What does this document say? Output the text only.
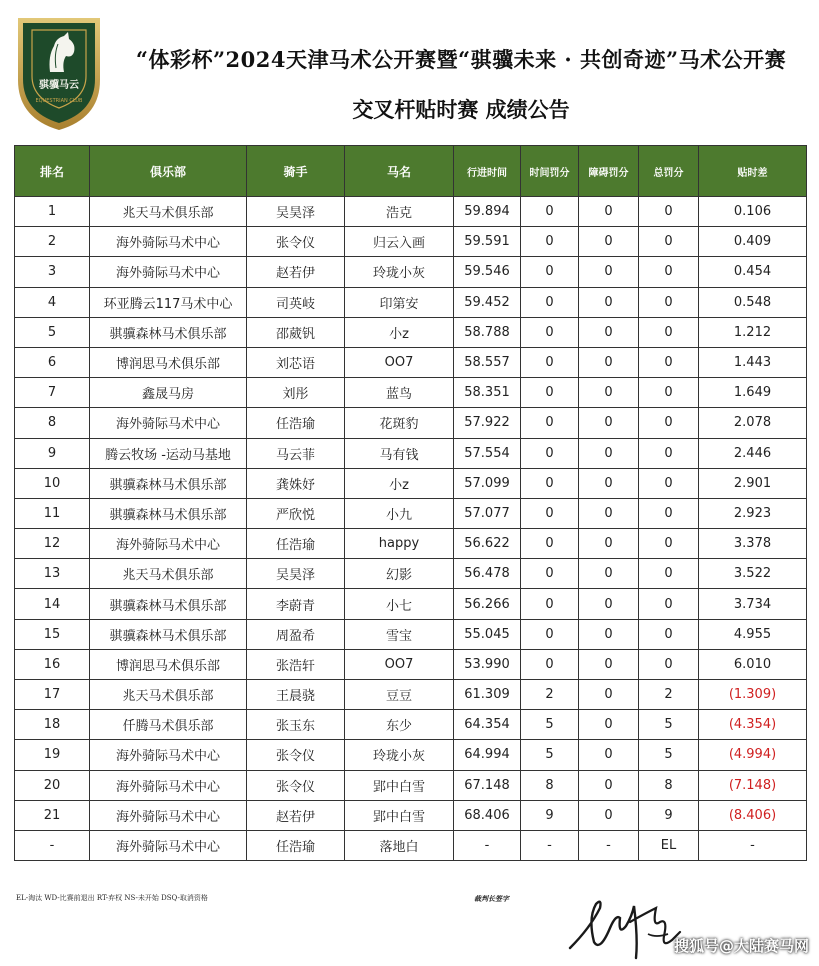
骐骥马云
EQUESTRIAN CLUB
“体彩杯”2024天津马术公开赛暨“骐骥未来 · 共创奇迹”马术公开赛
交叉杆贴时赛 成绩公告
排名	俱乐部	骑手	马名	行进时间	时间罚分	障碍罚分	总罚分	贴时差
1	兆天马术俱乐部	吴昊泽	浩克	59.894	0	0	0	0.106
2	海外骑际马术中心	张令仪	归云入画	59.591	0	0	0	0.409
3	海外骑际马术中心	赵若伊	玲珑小灰	59.546	0	0	0	0.454
4	环亚腾云117马术中心	司英岐	印第安	59.452	0	0	0	0.548
5	骐骥森林马术俱乐部	邵葳钒	小z	58.788	0	0	0	1.212
6	博润思马术俱乐部	刘芯语	OO7	58.557	0	0	0	1.443
7	鑫晟马房	刘彤	蓝鸟	58.351	0	0	0	1.649
8	海外骑际马术中心	任浩瑜	花斑豹	57.922	0	0	0	2.078
9	腾云牧场 -运动马基地	马云菲	马有钱	57.554	0	0	0	2.446
10	骐骥森林马术俱乐部	龚姝妤	小z	57.099	0	0	0	2.901
11	骐骥森林马术俱乐部	严欣悦	小九	57.077	0	0	0	2.923
12	海外骑际马术中心	任浩瑜	happy	56.622	0	0	0	3.378
13	兆天马术俱乐部	吴昊泽	幻影	56.478	0	0	0	3.522
14	骐骥森林马术俱乐部	李蔚青	小七	56.266	0	0	0	3.734
15	骐骥森林马术俱乐部	周盈希	雪宝	55.045	0	0	0	4.955
16	博润思马术俱乐部	张浩轩	OO7	53.990	0	0	0	6.010
17	兆天马术俱乐部	王晨骁	豆豆	61.309	2	0	2	(1.309)
18	仟腾马术俱乐部	张玉东	东少	64.354	5	0	5	(4.354)
19	海外骑际马术中心	张令仪	玲珑小灰	64.994	5	0	5	(4.994)
20	海外骑际马术中心	张令仪	郢中白雪	67.148	8	0	8	(7.148)
21	海外骑际马术中心	赵若伊	郢中白雪	68.406	9	0	9	(8.406)
-	海外骑际马术中心	任浩瑜	落地白	-	-	-	EL	-
EL-淘汰 WD-比赛前退出 RT-弃权 NS-未开始 DSQ-取消资格	裁判长签字
搜狐号@大陆赛马网
